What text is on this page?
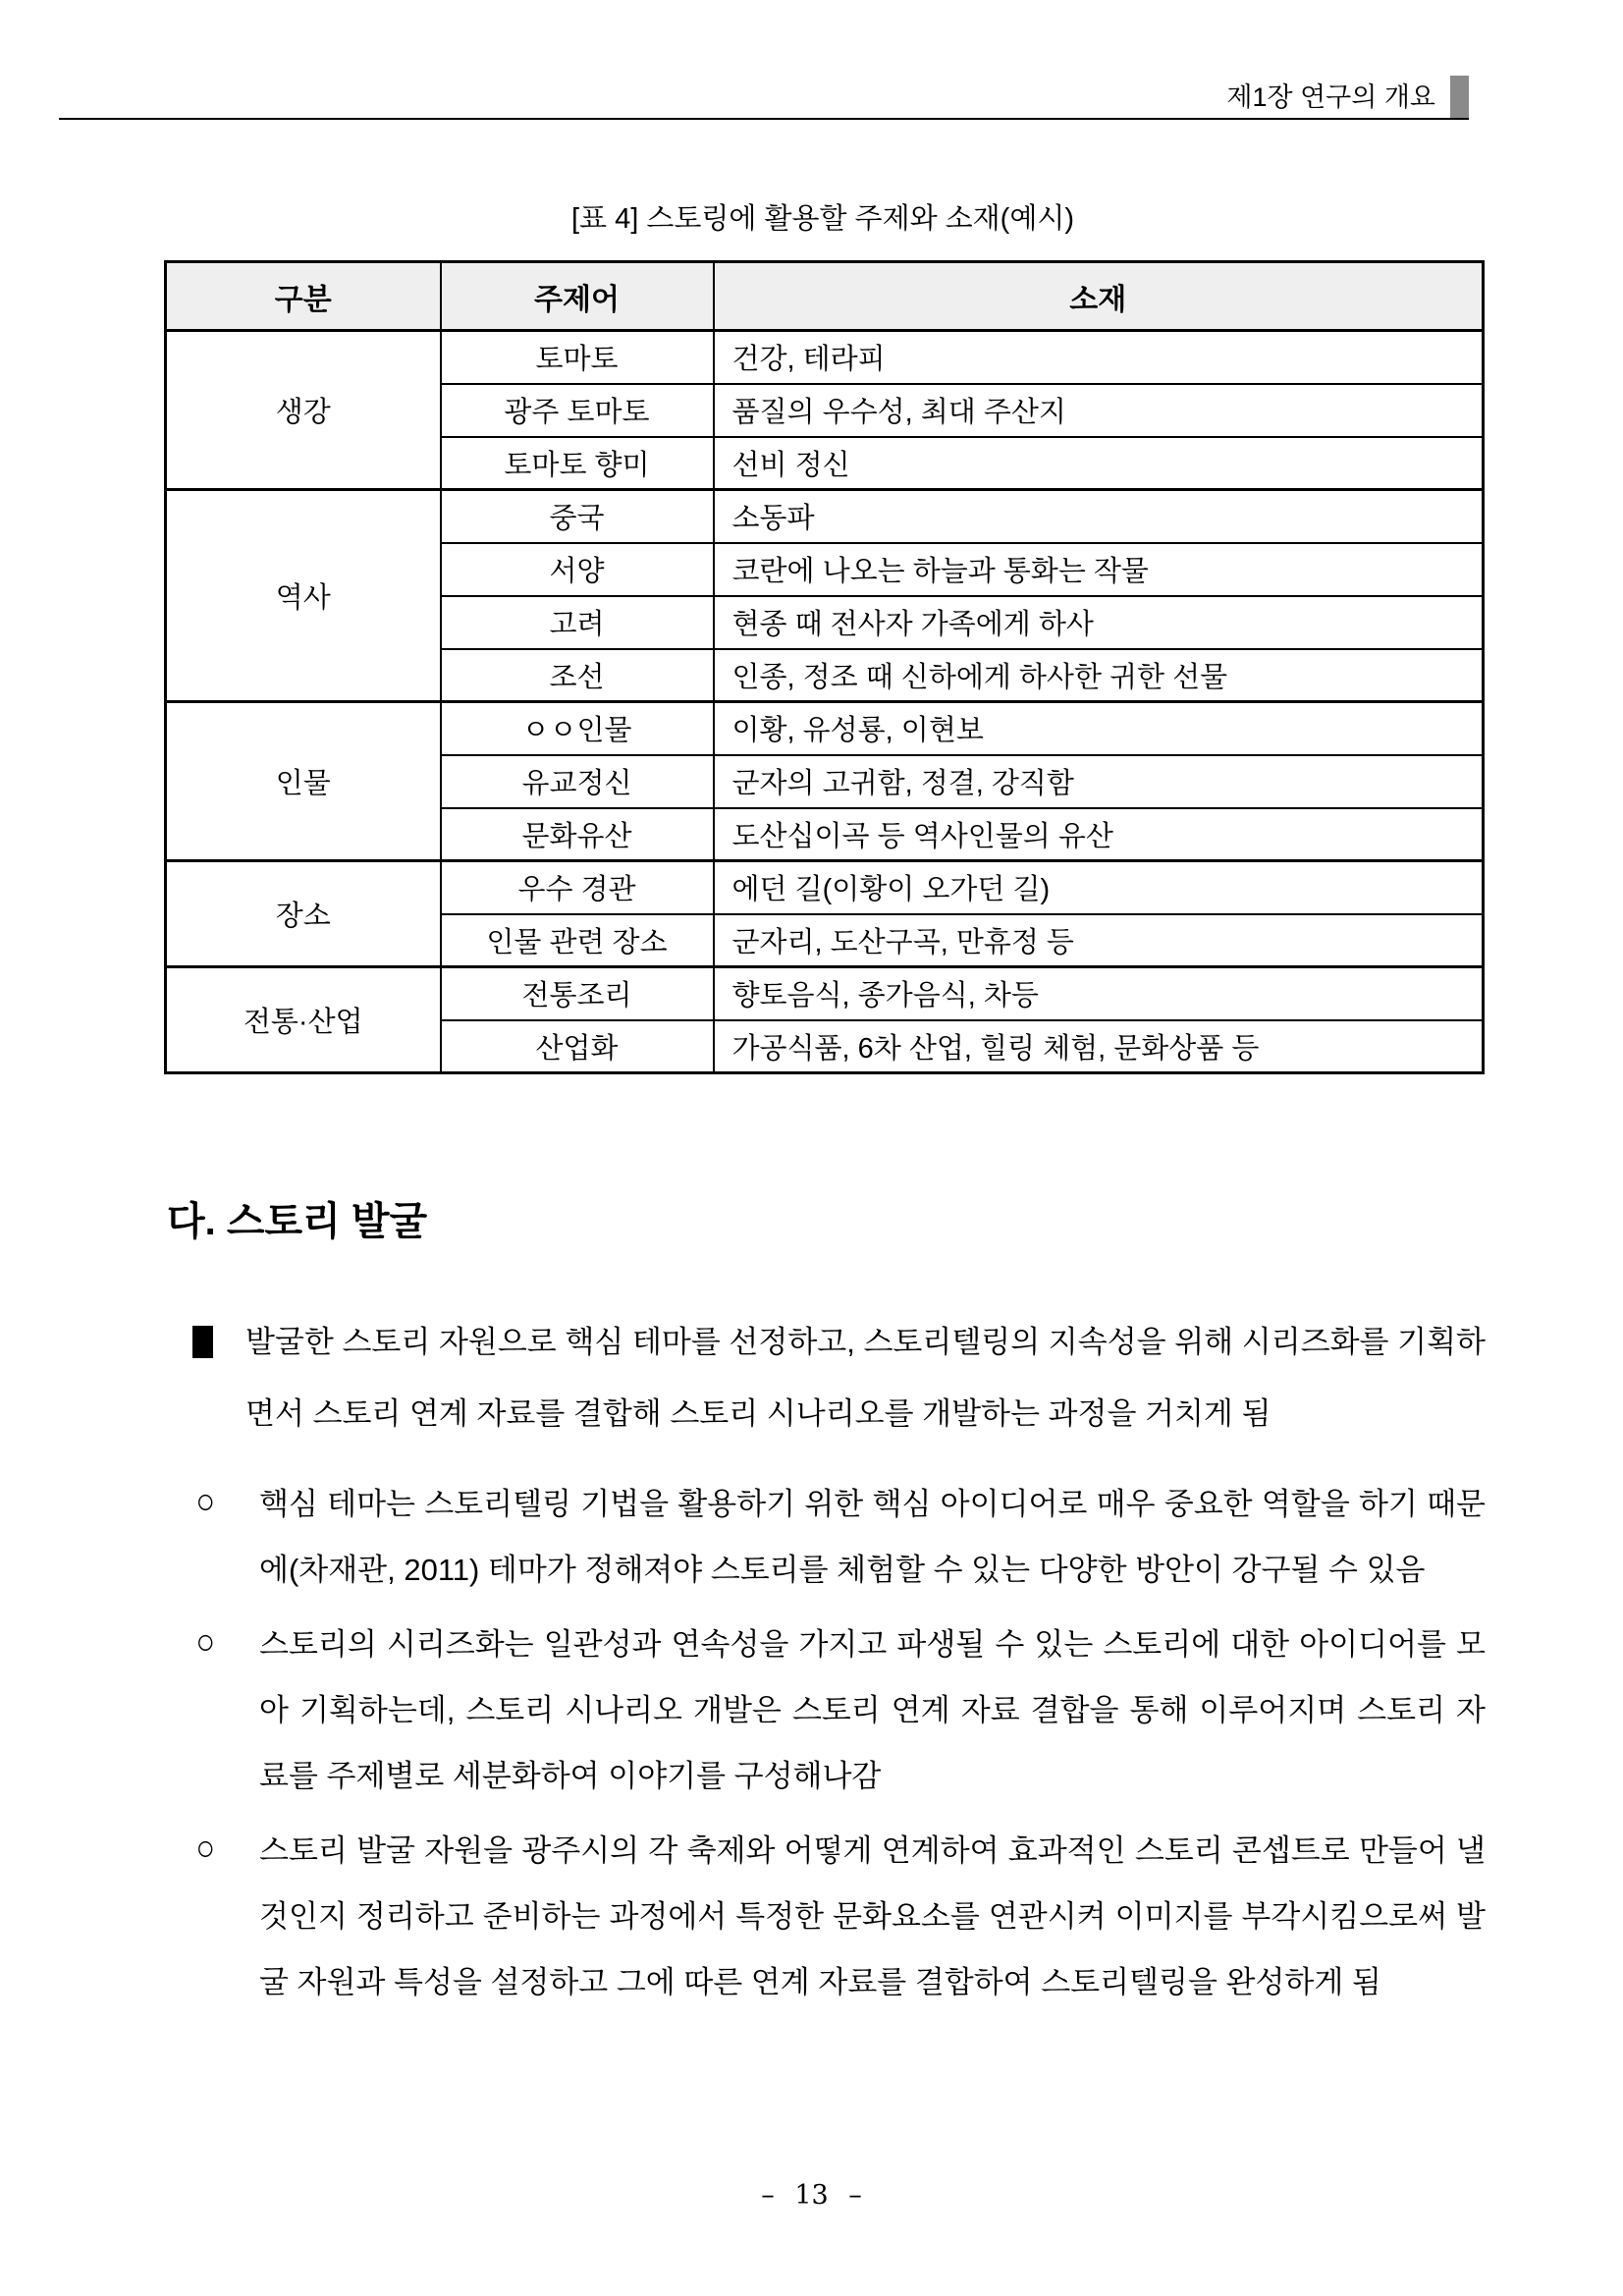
제1장 연구의 개요
[표 4] 스토링에 활용할 주제와 소재(예시)
구분	주제어	소재
생강	토마토	건강, 테라피
	광주 토마토	품질의 우수성, 최대 주산지
	토마토 향미	선비 정신
역사	중국	소동파
	서양	코란에 나오는 하늘과 통화는 작물
	고려	현종 때 전사자 가족에게 하사
	조선	인종, 정조 때 신하에게 하사한 귀한 선물
인물	ㅇㅇ인물	이황, 유성룡, 이현보
	유교정신	군자의 고귀함, 정결, 강직함
	문화유산	도산십이곡 등 역사인물의 유산
장소	우수 경관	에던 길(이황이 오가던 길)
	인물 관련 장소	군자리, 도산구곡, 만휴정 등
전통·산업	전통조리	향토음식, 종가음식, 차등
	산업화	가공식품, 6차 산업, 힐링 체험, 문화상품 등
다. 스토리 발굴
발굴한 스토리 자원으로 핵심 테마를 선정하고, 스토리텔링의 지속성을 위해 시리즈화를 기획하면서 스토리 연계 자료를 결합해 스토리 시나리오를 개발하는 과정을 거치게 됨
○ 핵심 테마는 스토리텔링 기법을 활용하기 위한 핵심 아이디어로 매우 중요한 역할을 하기 때문에(차재관, 2011) 테마가 정해져야 스토리를 체험할 수 있는 다양한 방안이 강구될 수 있음
○ 스토리의 시리즈화는 일관성과 연속성을 가지고 파생될 수 있는 스토리에 대한 아이디어를 모아 기획하는데, 스토리 시나리오 개발은 스토리 연계 자료 결합을 통해 이루어지며 스토리 자료를 주제별로 세분화하여 이야기를 구성해나감
○ 스토리 발굴 자원을 광주시의 각 축제와 어떻게 연계하여 효과적인 스토리 콘셉트로 만들어 낼 것인지 정리하고 준비하는 과정에서 특정한 문화요소를 연관시켜 이미지를 부각시킴으로써 발굴 자원과 특성을 설정하고 그에 따른 연계 자료를 결합하여 스토리텔링을 완성하게 됨
– 13 –
